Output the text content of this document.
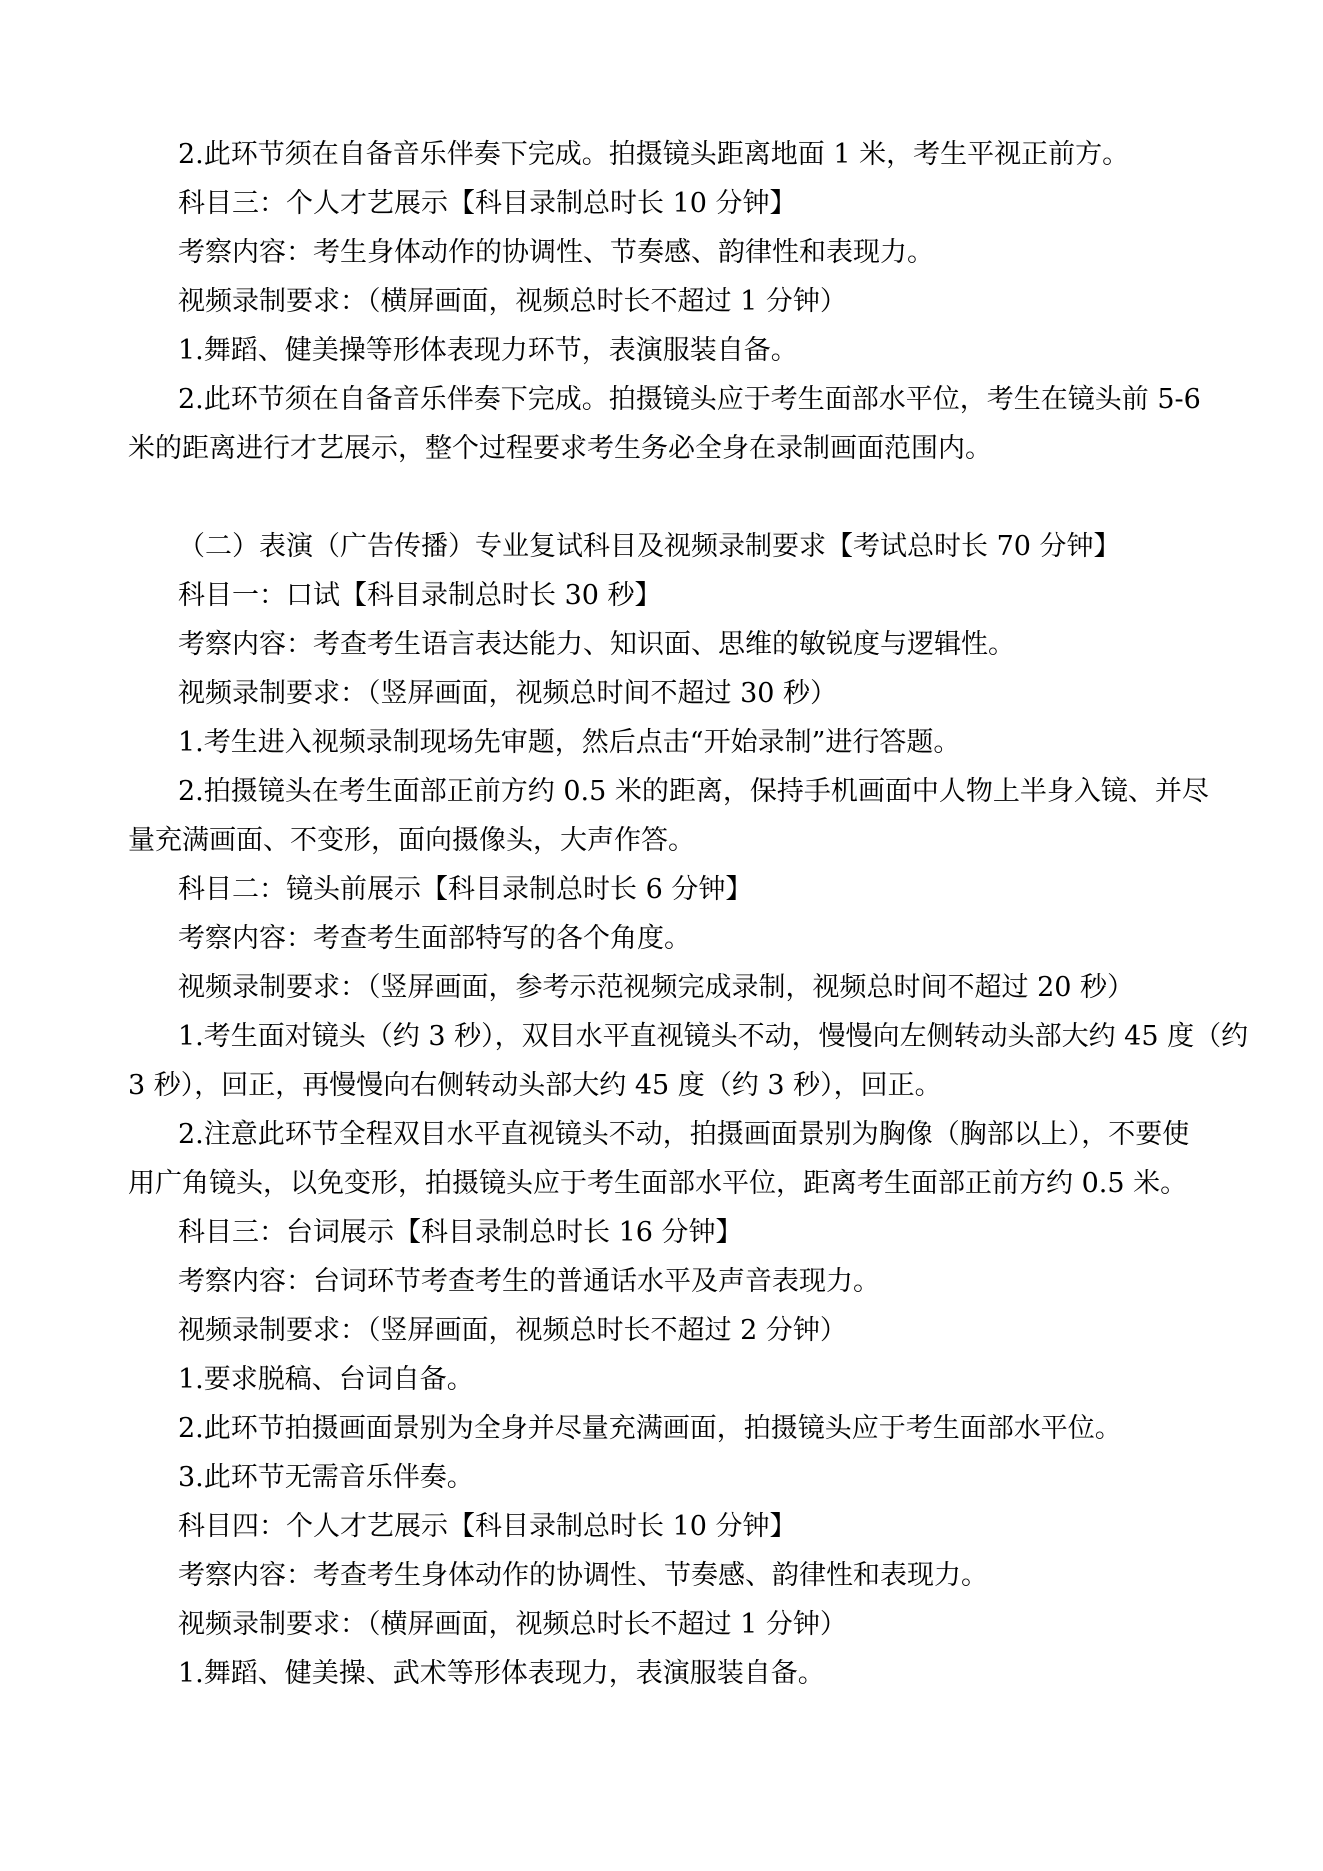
2.此环节须在自备音乐伴奏下完成。拍摄镜头距离地面 1 米，考生平视正前方。
科目三：个人才艺展示【科目录制总时长 10 分钟】
考察内容：考生身体动作的协调性、节奏感、韵律性和表现力。
视频录制要求：（横屏画面，视频总时长不超过 1 分钟）
1.舞蹈、健美操等形体表现力环节，表演服装自备。
2.此环节须在自备音乐伴奏下完成。拍摄镜头应于考生面部水平位，考生在镜头前 5-6
米的距离进行才艺展示，整个过程要求考生务必全身在录制画面范围内。
（二）表演（广告传播）专业复试科目及视频录制要求【考试总时长 70 分钟】
科目一：口试【科目录制总时长 30 秒】
考察内容：考查考生语言表达能力、知识面、思维的敏锐度与逻辑性。
视频录制要求：（竖屏画面，视频总时间不超过 30 秒）
1.考生进入视频录制现场先审题，然后点击“开始录制”进行答题。
2.拍摄镜头在考生面部正前方约 0.5 米的距离，保持手机画面中人物上半身入镜、并尽
量充满画面、不变形，面向摄像头，大声作答。
科目二：镜头前展示【科目录制总时长 6 分钟】
考察内容：考查考生面部特写的各个角度。
视频录制要求：（竖屏画面，参考示范视频完成录制，视频总时间不超过 20 秒）
1.考生面对镜头（约 3 秒），双目水平直视镜头不动，慢慢向左侧转动头部大约 45 度（约
3 秒），回正，再慢慢向右侧转动头部大约 45 度（约 3 秒），回正。
2.注意此环节全程双目水平直视镜头不动，拍摄画面景别为胸像（胸部以上），不要使
用广角镜头，以免变形，拍摄镜头应于考生面部水平位，距离考生面部正前方约 0.5 米。
科目三：台词展示【科目录制总时长 16 分钟】
考察内容：台词环节考查考生的普通话水平及声音表现力。
视频录制要求：（竖屏画面，视频总时长不超过 2 分钟）
1.要求脱稿、台词自备。
2.此环节拍摄画面景别为全身并尽量充满画面，拍摄镜头应于考生面部水平位。
3.此环节无需音乐伴奏。
科目四：个人才艺展示【科目录制总时长 10 分钟】
考察内容：考查考生身体动作的协调性、节奏感、韵律性和表现力。
视频录制要求：（横屏画面，视频总时长不超过 1 分钟）
1.舞蹈、健美操、武术等形体表现力，表演服装自备。
